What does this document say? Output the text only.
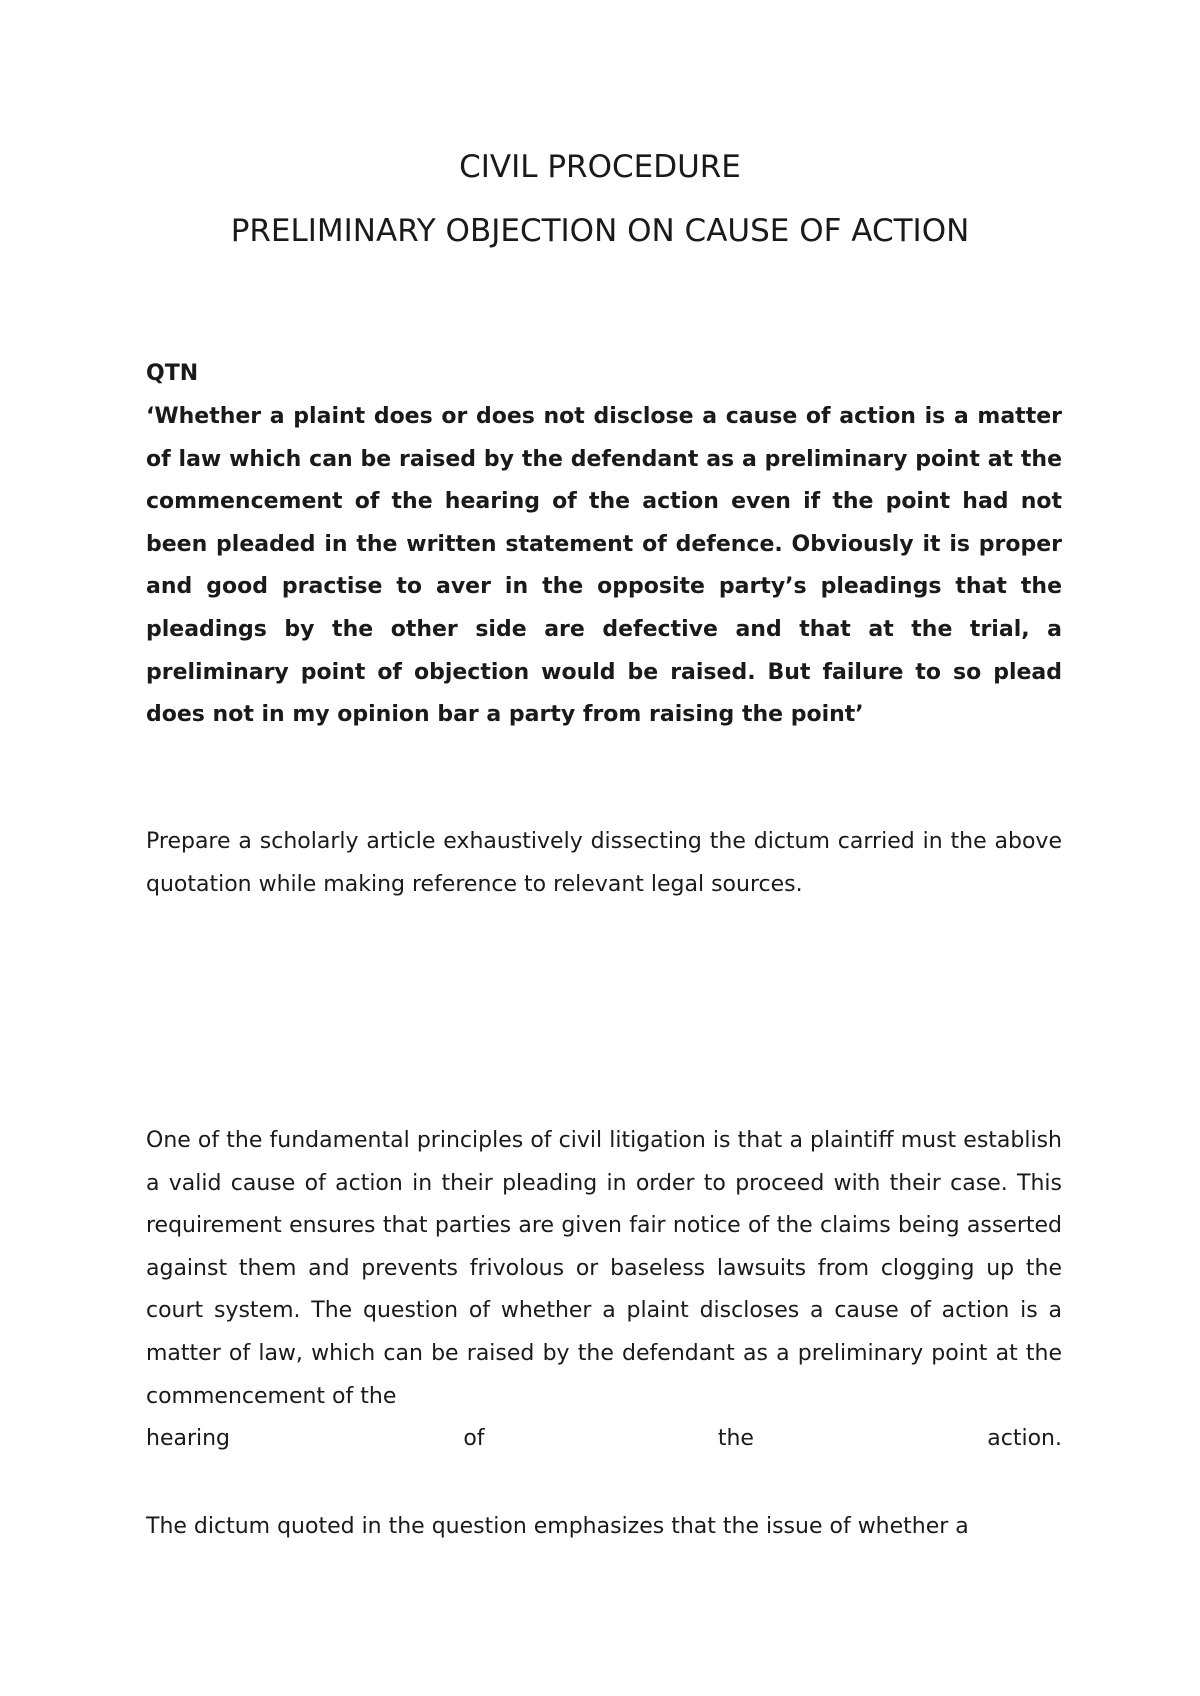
CIVIL PROCEDURE
PRELIMINARY OBJECTION ON CAUSE OF ACTION

QTN

‘Whether a plaint does or does not disclose a cause of action is a matter of law which can be raised by the defendant as a preliminary point at the commencement of the hearing of the action even if the point had not been pleaded in the written statement of defence. Obviously it is proper and good practise to aver in the opposite party’s pleadings that the pleadings by the other side are defective and that at the trial, a preliminary point of objection would be raised. But failure to so plead does not in my opinion bar a party from raising the point’

Prepare a scholarly article exhaustively dissecting the dictum carried in the above quotation while making reference to relevant legal sources.

One of the fundamental principles of civil litigation is that a plaintiff must establish a valid cause of action in their pleading in order to proceed with their case. This requirement ensures that parties are given fair notice of the claims being asserted against them and prevents frivolous or baseless lawsuits from clogging up the court system. The question of whether a plaint discloses a cause of action is a matter of law, which can be raised by the defendant as a preliminary point at the commencement of the
hearing	of	the	action.

The dictum quoted in the question emphasizes that the issue of whether a
